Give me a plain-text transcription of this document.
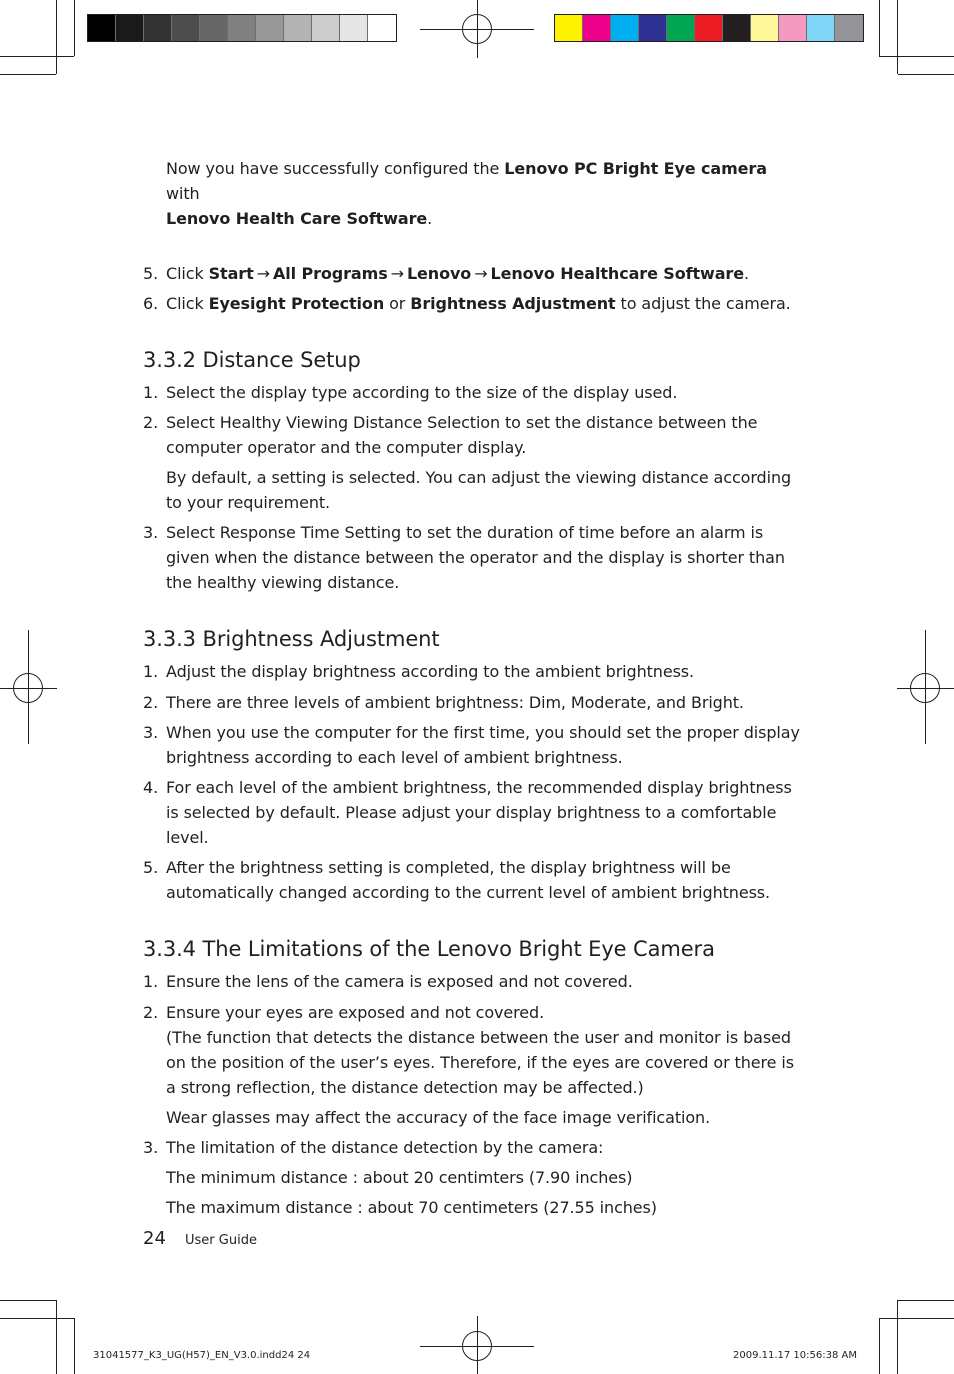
Now you have successfully configured the Lenovo PC Bright Eye camera with
Lenovo Health Care Software.

5. Click Start → All Programs → Lenovo → Lenovo Healthcare Software.
6. Click Eyesight Protection or Brightness Adjustment to adjust the camera.
3.3.2 Distance Setup
1. Select the display type according to the size of the display used.
2. Select Healthy Viewing Distance Selection to set the distance between the computer operator and the computer display.
By default, a setting is selected. You can adjust the viewing distance according to your requirement.
3. Select Response Time Setting to set the duration of time before an alarm is given when the distance between the operator and the display is shorter than the healthy viewing distance.
3.3.3 Brightness Adjustment
1. Adjust the display brightness according to the ambient brightness.
2. There are three levels of ambient brightness: Dim, Moderate, and Bright.
3. When you use the computer for the first time, you should set the proper display brightness according to each level of ambient brightness.
4. For each level of the ambient brightness, the recommended display brightness is selected by default. Please adjust your display brightness to a comfortable level.
5. After the brightness setting is completed, the display brightness will be automatically changed according to the current level of ambient brightness.
3.3.4 The Limitations of the Lenovo Bright Eye Camera
1. Ensure the lens of the camera is exposed and not covered.
2. Ensure your eyes are exposed and not covered.
(The function that detects the distance between the user and monitor is based on the position of the user’s eyes. Therefore, if the eyes are covered or there is a strong reflection, the distance detection may be affected.)
Wear glasses may affect the accuracy of the face image verification.
3. The limitation of the distance detection by the camera:
The minimum distance : about 20 centimters (7.90 inches)
The maximum distance : about 70 centimeters (27.55 inches)
24 User Guide
31041577_K3_UG(H57)_EN_V3.0.indd24 24	2009.11.17 10:56:38 AM
